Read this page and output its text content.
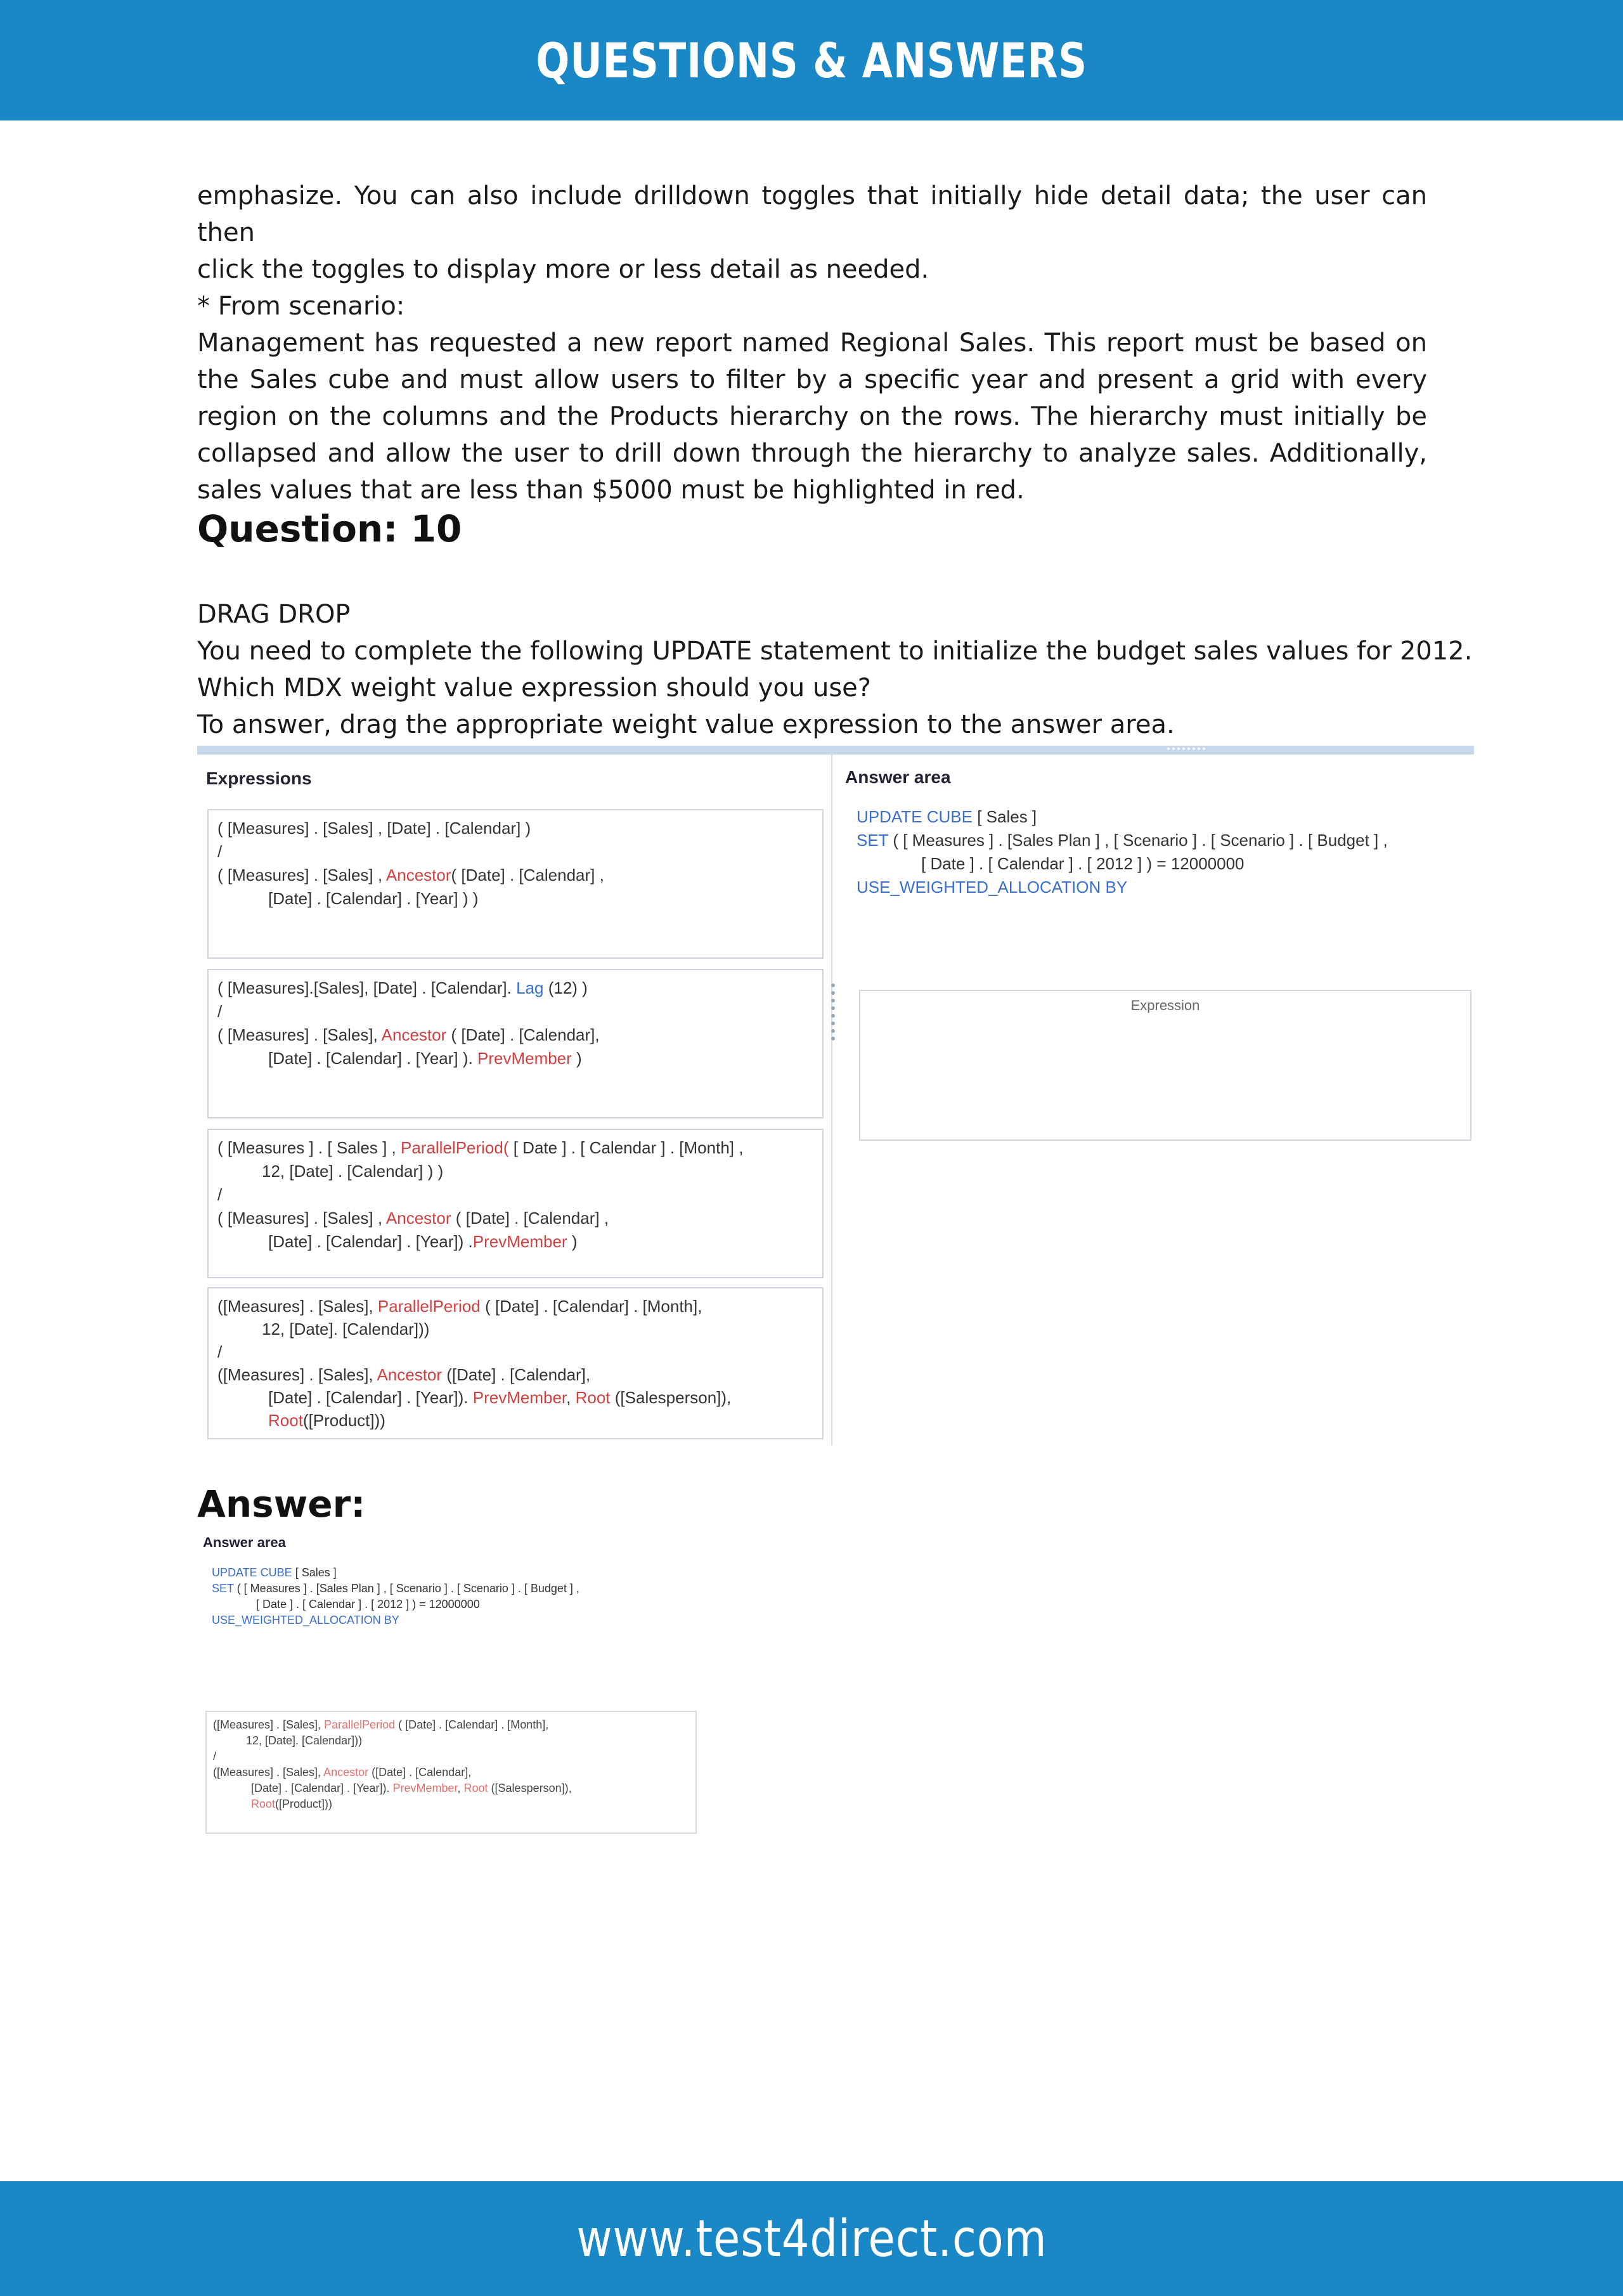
QUESTIONS & ANSWERS

emphasize. You can also include drilldown toggles that initially hide detail data; the user can then

click the toggles to display more or less detail as needed.

* From scenario:

Management has requested a new report named Regional Sales. This report must be based on the Sales cube and must allow users to filter by a specific year and present a grid with every region on the columns and the Products hierarchy on the rows. The hierarchy must initially be collapsed and allow the user to drill down through the hierarchy to analyze sales. Additionally, sales values that are less than $5000 must be highlighted in red.

Question: 10

DRAG DROP

You need to complete the following UPDATE statement to initialize the budget sales values for 2012.

Which MDX weight value expression should you use?

To answer, drag the appropriate weight value expression to the answer area.

Expressions
( [Measures] . [Sales] , [Date] . [Calendar] )
/
( [Measures] . [Sales] , Ancestor( [Date] . [Calendar] ,
[Date] . [Calendar] . [Year] ) )
( [Measures].[Sales], [Date] . [Calendar]. Lag (12) )
/
( [Measures] . [Sales], Ancestor ( [Date] . [Calendar],
[Date] . [Calendar] . [Year] ). PrevMember )
( [Measures ] . [ Sales ] , ParallelPeriod( [ Date ] . [ Calendar ] . [Month] ,
12, [Date] . [Calendar] ) )
/
( [Measures] . [Sales] , Ancestor ( [Date] . [Calendar] ,
[Date] . [Calendar] . [Year]) .PrevMember )
([Measures] . [Sales], ParallelPeriod ( [Date] . [Calendar] . [Month],
12, [Date]. [Calendar]))
/
([Measures] . [Sales], Ancestor ([Date] . [Calendar],
[Date] . [Calendar] . [Year]). PrevMember, Root ([Salesperson]),
Root([Product]))
Answer area
UPDATE CUBE [ Sales ]
SET ( [ Measures ] . [Sales Plan ] , [ Scenario ] . [ Scenario ] . [ Budget ] ,
[ Date ] . [ Calendar ] . [ 2012 ] ) = 12000000
USE_WEIGHTED_ALLOCATION BY
Expression
Answer:
Answer area
UPDATE CUBE [ Sales ]
SET ( [ Measures ] . [Sales Plan ] , [ Scenario ] . [ Scenario ] . [ Budget ] ,
[ Date ] . [ Calendar ] . [ 2012 ] ) = 12000000
USE_WEIGHTED_ALLOCATION BY
([Measures] . [Sales], ParallelPeriod ( [Date] . [Calendar] . [Month],
12, [Date]. [Calendar]))
/
([Measures] . [Sales], Ancestor ([Date] . [Calendar],
[Date] . [Calendar] . [Year]). PrevMember, Root ([Salesperson]),
Root([Product]))
www.test4direct.com
